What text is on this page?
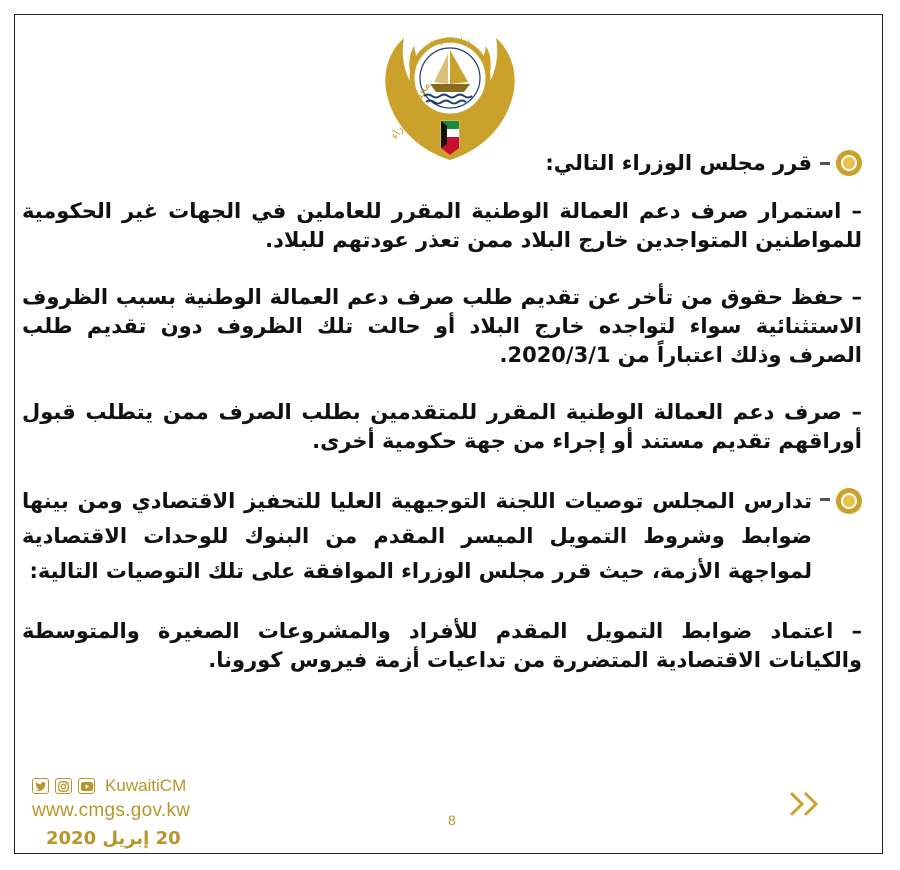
دولة الكويت
مجلس الوزراء
قرر مجلس الوزراء التالي:

– استمرار صرف دعم العمالة الوطنية المقرر للعاملين في الجهات غير الحكومية للمواطنين المتواجدين خارج البلاد ممن تعذر عودتهم للبلاد.

– حفظ حقوق من تأخر عن تقديم طلب صرف دعم العمالة الوطنية بسبب الظروف الاستثنائية سواء لتواجده خارج البلاد أو حالت تلك الظروف دون تقديم طلب الصرف وذلك اعتباراً من 2020/3/1.

– صرف دعم العمالة الوطنية المقرر للمتقدمين بطلب الصرف ممن يتطلب قبول أوراقهم تقديم مستند أو إجراء من جهة حكومية أخرى.

تدارس المجلس توصيات اللجنة التوجيهية العليا للتحفيز الاقتصادي ومن بينها ضوابط وشروط التمويل الميسر المقدم من البنوك للوحدات الاقتصادية لمواجهة الأزمة، حيث قرر مجلس الوزراء الموافقة على تلك التوصيات التالية:

– اعتماد ضوابط التمويل المقدم للأفراد والمشروعات الصغيرة والمتوسطة والكيانات الاقتصادية المتضررة من تداعيات أزمة فيروس كورونا.

KuwaitiCM
www.cmgs.gov.kw
20 إبريل 2020
8
